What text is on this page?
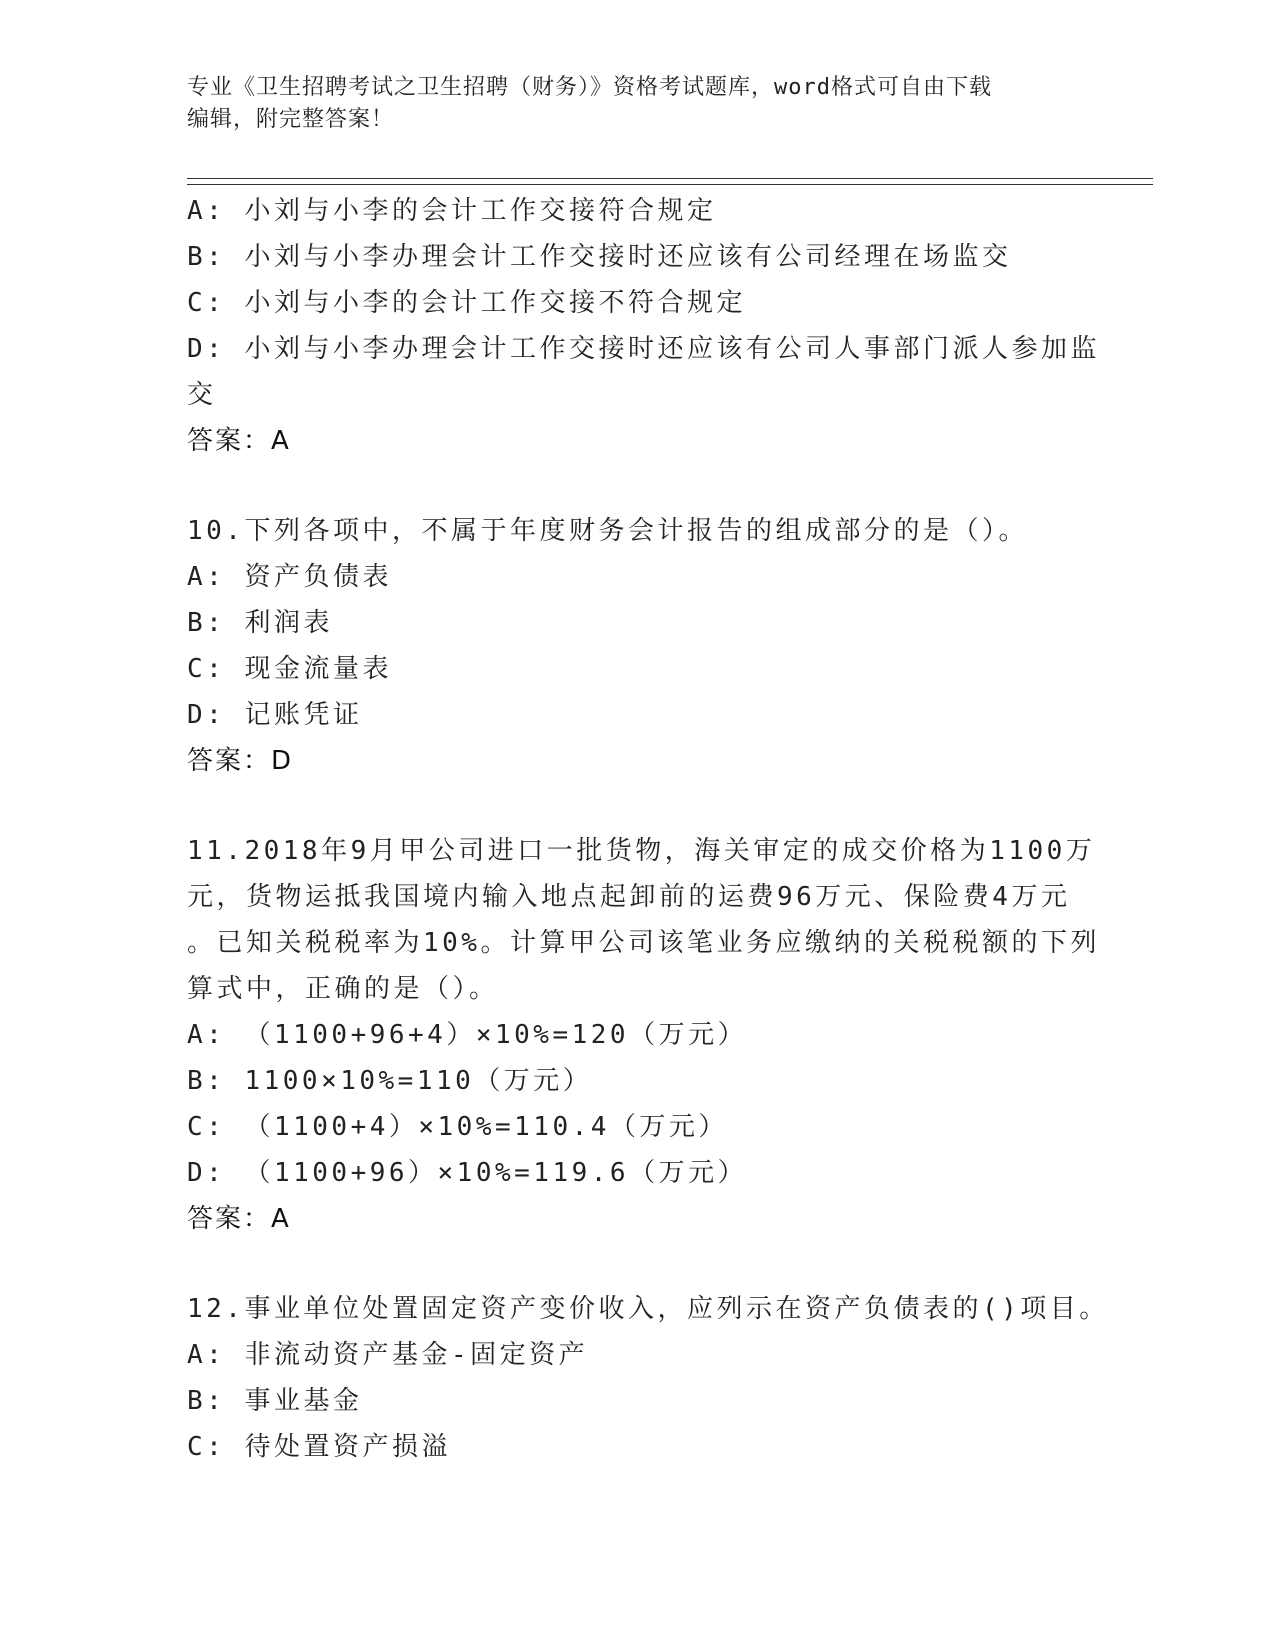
专业《卫生招聘考试之卫生招聘（财务）》资格考试题库，word格式可自由下载
编辑，附完整答案！
A: 小刘与小李的会计工作交接符合规定
B: 小刘与小李办理会计工作交接时还应该有公司经理在场监交
C: 小刘与小李的会计工作交接不符合规定
D: 小刘与小李办理会计工作交接时还应该有公司人事部门派人参加监
交
答案：A
10.下列各项中，不属于年度财务会计报告的组成部分的是（）。
A: 资产负债表
B: 利润表
C: 现金流量表
D: 记账凭证
答案：D
11.2018年9月甲公司进口一批货物，海关审定的成交价格为1100万
元，货物运抵我国境内输入地点起卸前的运费96万元、保险费4万元
。已知关税税率为10%。计算甲公司该笔业务应缴纳的关税税额的下列
算式中，正确的是（）。
A: （1100+96+4）×10%=120（万元）
B: 1100×10%=110（万元）
C: （1100+4）×10%=110.4（万元）
D: （1100+96）×10%=119.6（万元）
答案：A
12.事业单位处置固定资产变价收入，应列示在资产负债表的()项目。
A: 非流动资产基金-固定资产
B: 事业基金
C: 待处置资产损溢
